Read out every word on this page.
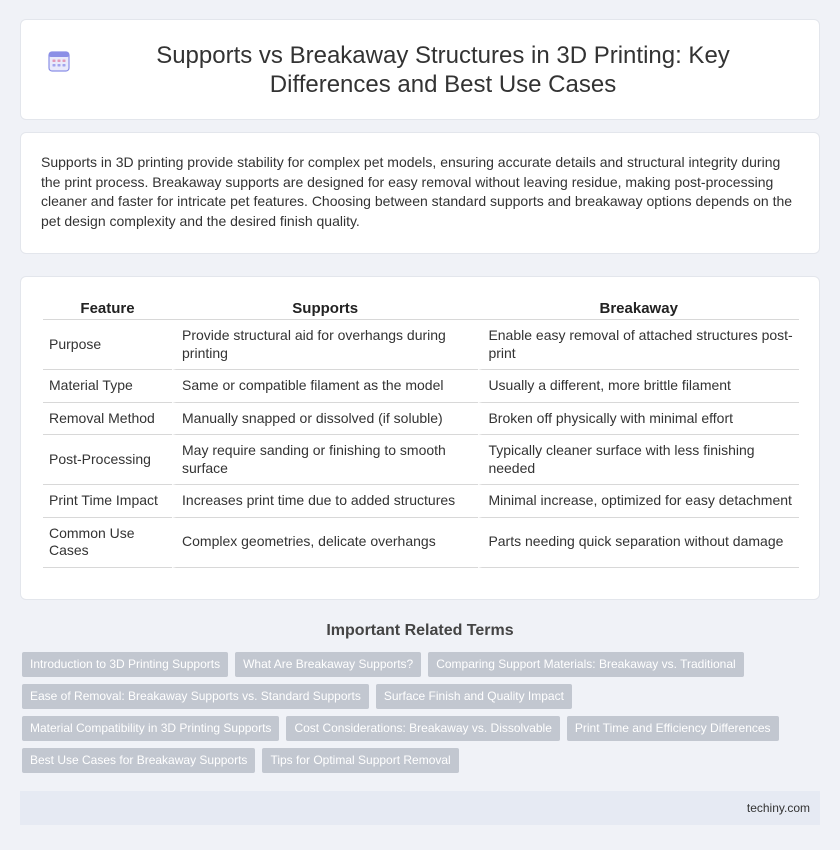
Supports vs Breakaway Structures in 3D Printing: Key Differences and Best Use Cases

Supports in 3D printing provide stability for complex pet models, ensuring accurate details and structural integrity during the print process. Breakaway supports are designed for easy removal without leaving residue, making post-processing cleaner and faster for intricate pet features. Choosing between standard supports and breakaway options depends on the pet design complexity and the desired finish quality.

Feature	Supports	Breakaway
Purpose	Provide structural aid for overhangs during printing	Enable easy removal of attached structures post-print
Material Type	Same or compatible filament as the model	Usually a different, more brittle filament
Removal Method	Manually snapped or dissolved (if soluble)	Broken off physically with minimal effort
Post-Processing	May require sanding or finishing to smooth surface	Typically cleaner surface with less finishing needed
Print Time Impact	Increases print time due to added structures	Minimal increase, optimized for easy detachment
Common Use Cases	Complex geometries, delicate overhangs	Parts needing quick separation without damage
Important Related Terms
Introduction to 3D Printing Supports	What Are Breakaway Supports?	Comparing Support Materials: Breakaway vs. Traditional
Ease of Removal: Breakaway Supports vs. Standard Supports	Surface Finish and Quality Impact
Material Compatibility in 3D Printing Supports	Cost Considerations: Breakaway vs. Dissolvable	Print Time and Efficiency Differences
Best Use Cases for Breakaway Supports	Tips for Optimal Support Removal
techiny.com
